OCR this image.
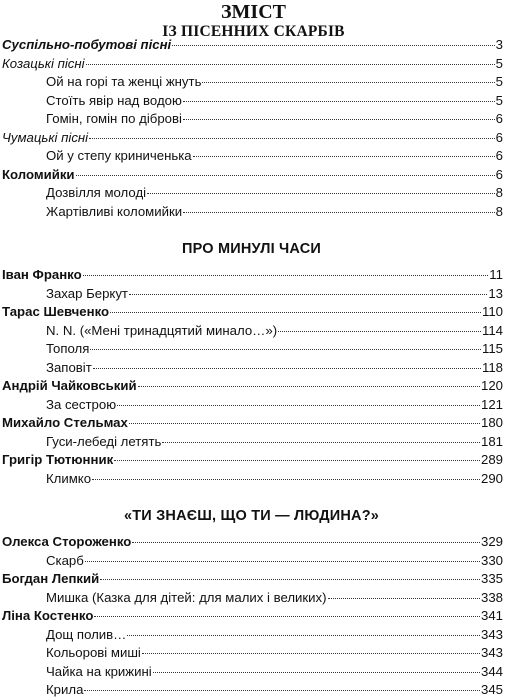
ЗМІСТ
ІЗ ПІСЕННИХ СКАРБІВ
Суспільно-побутові пісні	3
Козацькі пісні	5
Ой на горі та женці жнуть	5
Стоїть явір над водою	5
Гомін, гомін по діброві	6
Чумацькі пісні	6
Ой у степу криниченька	6
Коломийки	6
Дозвілля молоді	8
Жартівливі коломийки	8
ПРО МИНУЛІ ЧАСИ
Іван Франко	11
Захар Беркут	13
Тарас Шевченко	110
N. N. («Мені тринадцятий минало…»)	114
Тополя	115
Заповіт	118
Андрій Чайковський	120
За сестрою	121
Михайло Стельмах	180
Гуси-лебеді летять	181
Григір Тютюнник	289
Климко	290
«ТИ ЗНАЄШ, ЩО ТИ — ЛЮДИНА?»
Олекса Стороженко	329
Скарб	330
Богдан Лепкий	335
Мишка (Казка для дітей: для малих і великих)	338
Ліна Костенко	341
Дощ полив…	343
Кольорові миші	343
Чайка на крижині	344
Крила	345
